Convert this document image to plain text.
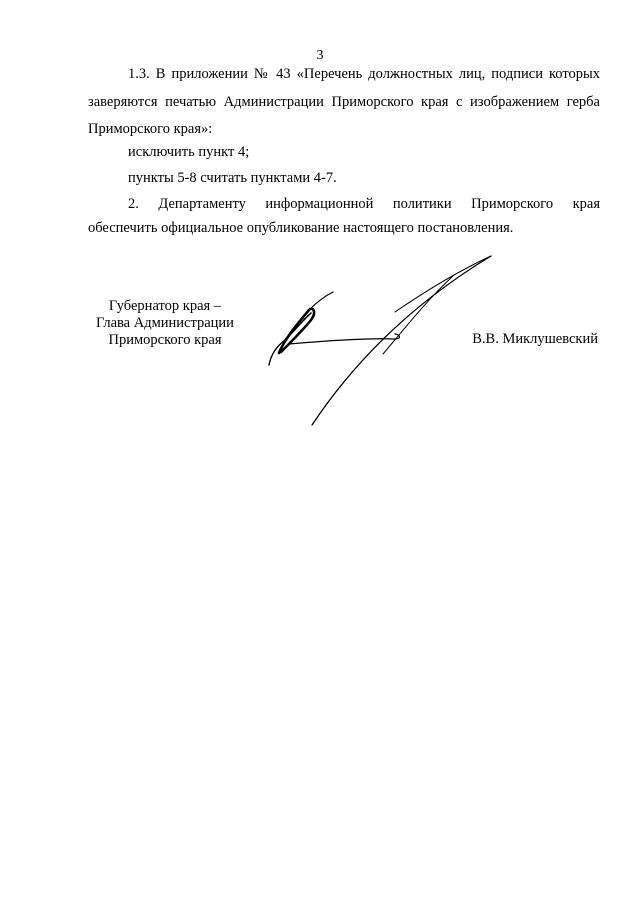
3
1.3. В приложении № 43 «Перечень должностных лиц, подписи которых
заверяются печатью Администрации Приморского края с изображением герба
Приморского края»:
исключить пункт 4;
пункты 5-8 считать пунктами 4-7.
2. Департаменту информационной политики Приморского края
обеспечить официальное опубликование настоящего постановления.
Губернатор края –
Глава Администрации
Приморского края	В.В. Миклушевский
